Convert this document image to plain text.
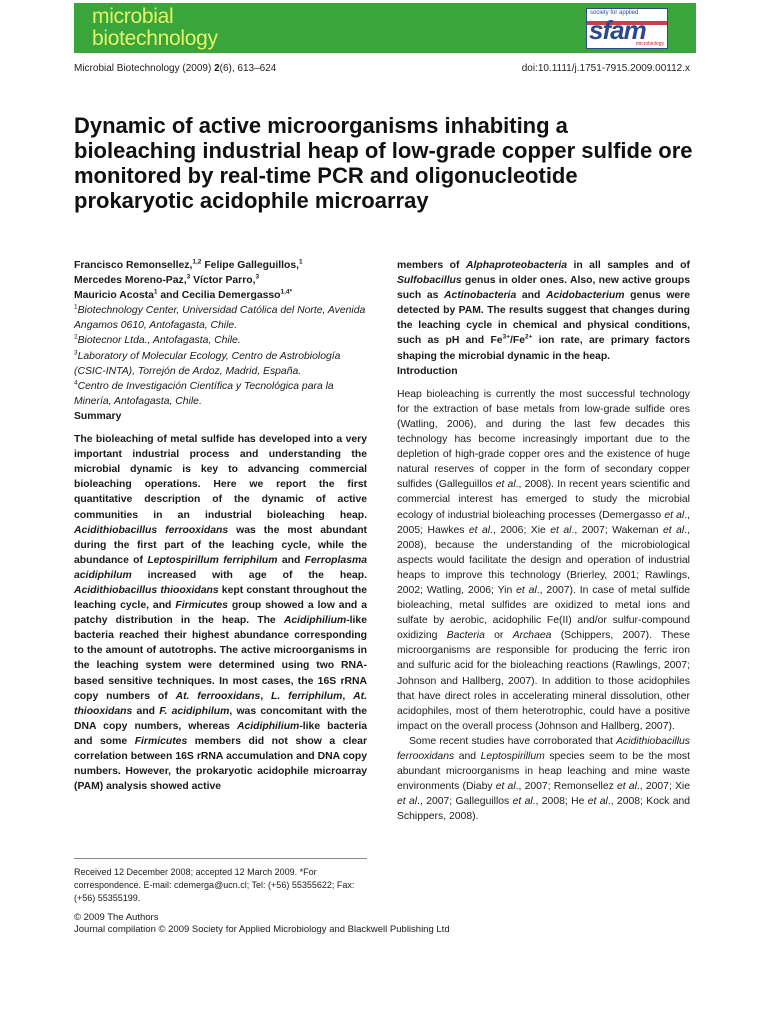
microbial
biotechnology
society for applied
sfam
microbiology
Microbial Biotechnology (2009) 2(6), 613–624	doi:10.1111/j.1751-7915.2009.00112.x
Dynamic of active microorganisms inhabiting a bioleaching industrial heap of low-grade copper sulfide ore monitored by real-time PCR and oligonucleotide prokaryotic acidophile microarray

Francisco Remonsellez,$^{1,2}$ Felipe Galleguillos,$^1$
Mercedes Moreno-Paz,$^3$ Víctor Parro,$^3$
Mauricio Acosta$^1$ and Cecilia Demergasso$^{1,4*}$

$^1$Biotechnology Center, Universidad Católica del Norte, Avenida Angamos 0610, Antofagasta, Chile.

$^2$Biotecnor Ltda., Antofagasta, Chile.

$^3$Laboratory of Molecular Ecology, Centro de Astrobiología (CSIC-INTA), Torrejón de Ardoz, Madrid, España.

$^4$Centro de Investigación Científica y Tecnológica para la Minería, Antofagasta, Chile.

Summary

The bioleaching of metal sulfide has developed into a very important industrial process and understanding the microbial dynamic is key to advancing commercial bioleaching operations. Here we report the first quantitative description of the dynamic of active communities in an industrial bioleaching heap. Acidithiobacillus ferrooxidans was the most abundant during the first part of the leaching cycle, while the abundance of Leptospirillum ferriphilum and Ferroplasma acidiphilum increased with age of the heap. Acidithiobacillus thiooxidans kept constant throughout the leaching cycle, and Firmicutes group showed a low and a patchy distribution in the heap. The Acidiphilium-like bacteria reached their highest abundance corresponding to the amount of autotrophs. The active microorganisms in the leaching system were determined using two RNA-based sensitive techniques. In most cases, the 16S rRNA copy numbers of At. ferrooxidans, L. ferriphilum, At. thiooxidans and F. acidiphilum, was concomitant with the DNA copy numbers, whereas Acidiphilium-like bacteria and some Firmicutes members did not show a clear correlation between 16S rRNA accumulation and DNA copy numbers. However, the prokaryotic acidophile microarray (PAM) analysis showed active

Received 12 December 2008; accepted 12 March 2009. *For correspondence. E-mail: cdemerga@ucn.cl; Tel: (+56) 55355622; Fax: (+56) 55355199.

members of Alphaproteobacteria in all samples and of Sulfobacillus genus in older ones. Also, new active groups such as Actinobacteria and Acidobacterium genus were detected by PAM. The results suggest that changes during the leaching cycle in chemical and physical conditions, such as pH and $Fe^{3+}/Fe^{2+}$ ion rate, are primary factors shaping the microbial dynamic in the heap.

Introduction

Heap bioleaching is currently the most successful technology for the extraction of base metals from low-grade sulfide ores (Watling, 2006), and during the last few decades this technology has become increasingly important due to the depletion of high-grade copper ores and the existence of huge natural reserves of copper in the form of secondary copper sulfides (Galleguillos et al., 2008). In recent years scientific and commercial interest has emerged to study the microbial ecology of industrial bioleaching processes (Demergasso et al., 2005; Hawkes et al., 2006; Xie et al., 2007; Wakeman et al., 2008), because the understanding of the microbiological aspects would facilitate the design and operation of industrial heaps to improve this technology (Brierley, 2001; Rawlings, 2002; Watling, 2006; Yin et al., 2007). In case of metal sulfide bioleaching, metal sulfides are oxidized to metal ions and sulfate by aerobic, acidophilic Fe(II) and/or sulfur-compound oxidizing Bacteria or Archaea (Schippers, 2007). These microorganisms are responsible for producing the ferric iron and sulfuric acid for the bioleaching reactions (Rawlings, 2007; Johnson and Hallberg, 2007). In addition to those acidophiles that have direct roles in accelerating mineral dissolution, other acidophiles, most of them heterotrophic, could have a positive impact on the overall process (Johnson and Hallberg, 2007).

Some recent studies have corroborated that Acidithiobacillus ferrooxidans and Leptospirillum species seem to be the most abundant microorganisms in heap leaching and mine waste environments (Diaby et al., 2007; Remonsellez et al., 2007; Xie et al., 2007; Galleguillos et al., 2008; He et al., 2008; Kock and Schippers, 2008).

© 2009 The Authors

Journal compilation © 2009 Society for Applied Microbiology and Blackwell Publishing Ltd
